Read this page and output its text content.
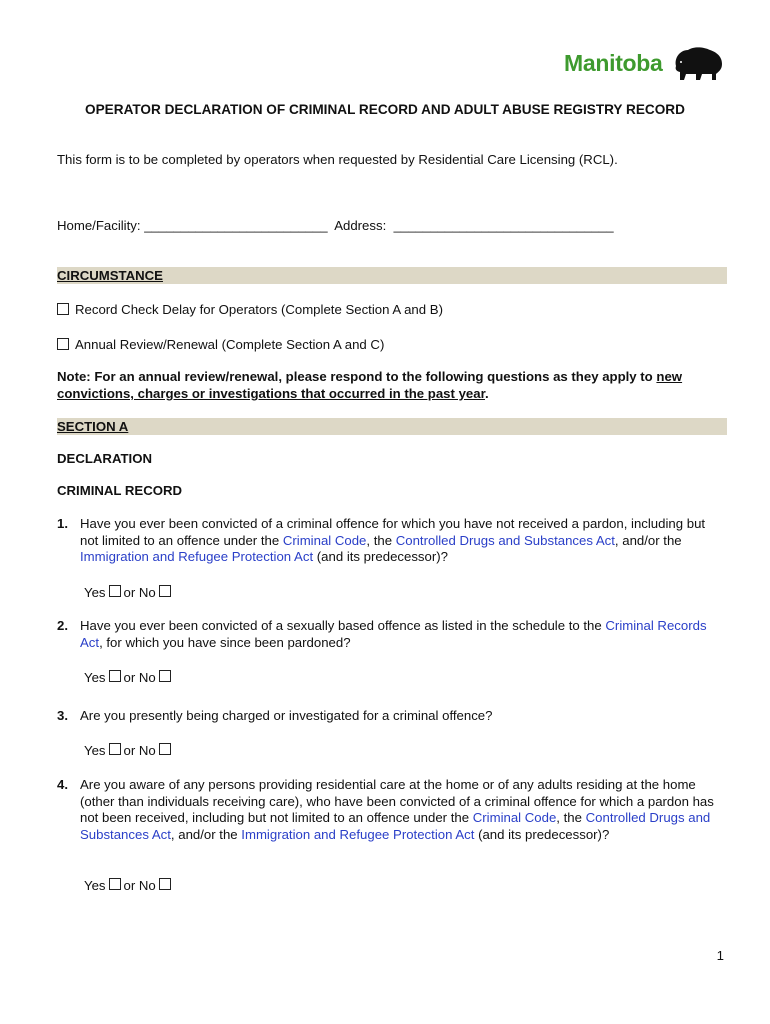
Manitoba
OPERATOR DECLARATION OF CRIMINAL RECORD AND ADULT ABUSE REGISTRY RECORD
This form is to be completed by operators when requested by Residential Care Licensing (RCL).
Home/Facility: _________________________ Address: ______________________________
CIRCUMSTANCE
Record Check Delay for Operators (Complete Section A and B)
Annual Review/Renewal (Complete Section A and C)
Note: For an annual review/renewal, please respond to the following questions as they apply to new convictions, charges or investigations that occurred in the past year.
SECTION A
DECLARATION
CRIMINAL RECORD
1. Have you ever been convicted of a criminal offence for which you have not received a pardon, including but not limited to an offence under the Criminal Code, the Controlled Drugs and Substances Act, and/or the Immigration and Refugee Protection Act (and its predecessor)?
Yes or No
2. Have you ever been convicted of a sexually based offence as listed in the schedule to the Criminal Records Act, for which you have since been pardoned?
Yes or No
3. Are you presently being charged or investigated for a criminal offence?
Yes or No
4. Are you aware of any persons providing residential care at the home or of any adults residing at the home (other than individuals receiving care), who have been convicted of a criminal offence for which a pardon has not been received, including but not limited to an offence under the Criminal Code, the Controlled Drugs and Substances Act, and/or the Immigration and Refugee Protection Act (and its predecessor)?
Yes or No
1
